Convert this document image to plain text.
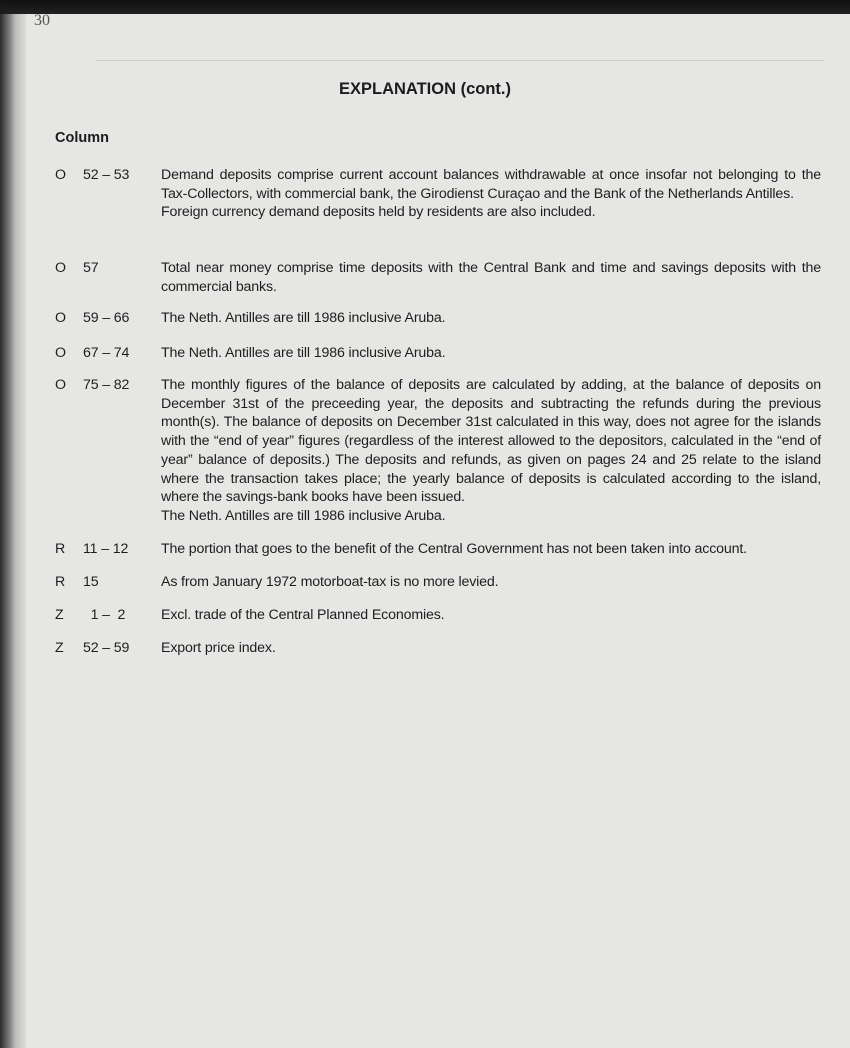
30
EXPLANATION (cont.)
Column
O 52 – 53 Demand deposits comprise current account balances withdrawable at once insofar not belonging to the Tax-Collectors, with commercial bank, the Girodienst Curaçao and the Bank of the Netherlands Antilles.

Foreign currency demand deposits held by residents are also included.

O 57	Total near money comprise time deposits with the Central Bank and time and savings deposits with the commercial banks.

O 59 – 66 The Neth. Antilles are till 1986 inclusive Aruba.

O 67 – 74 The Neth. Antilles are till 1986 inclusive Aruba.

O 75 – 82 The monthly figures of the balance of deposits are calculated by adding, at the balance of deposits on December 31st of the preceeding year, the deposits and subtracting the refunds during the previous month(s). The balance of deposits on December 31st calculated in this way, does not agree for the islands with the “end of year” figures (regardless of the interest allowed to the depositors, calculated in the “end of year” balance of deposits.) The deposits and refunds, as given on pages 24 and 25 relate to the island where the transaction takes place; the yearly balance of deposits is calculated according to the island, where the savings-bank books have been issued.

The Neth. Antilles are till 1986 inclusive Aruba.

R 11 – 12 The portion that goes to the benefit of the Central Government has not been taken into account.

R 15	As from January 1972 motorboat-tax is no more levied.

Z 1 –  2	Excl. trade of the Central Planned Economies.

Z 52 – 59 Export price index.
